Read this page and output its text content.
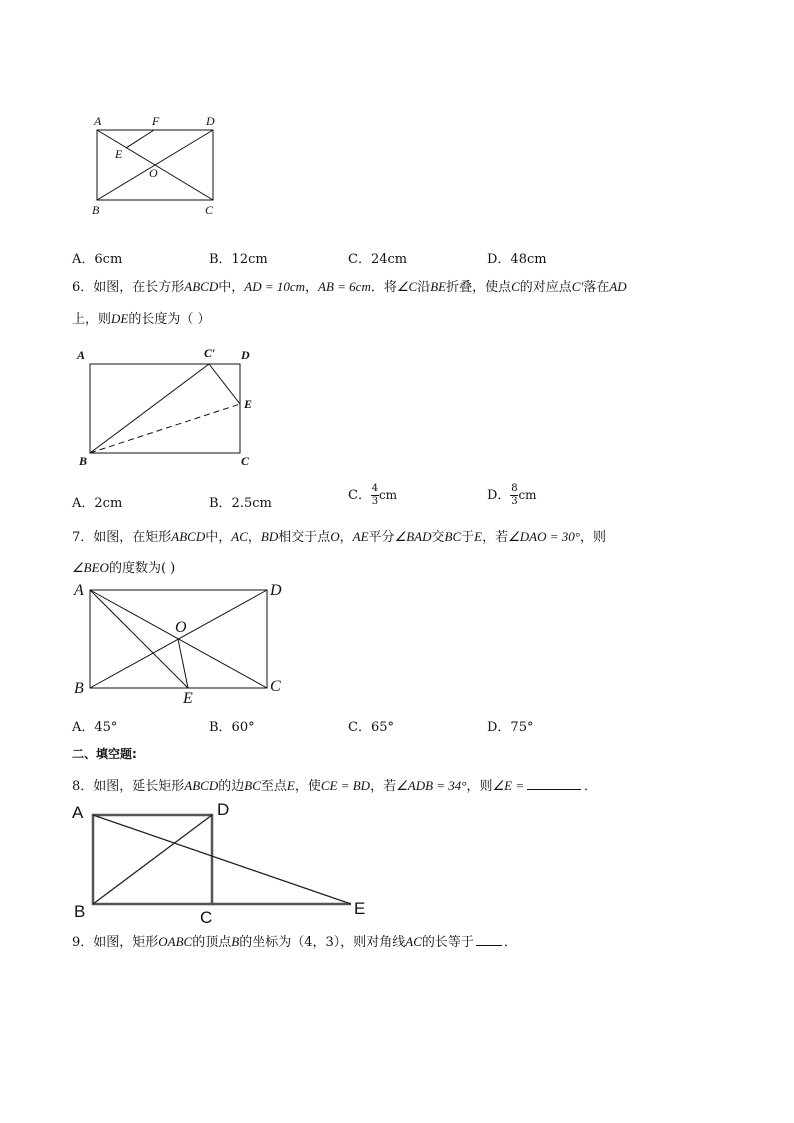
A	F	D
E
O
B	C
A．6cm	B．12cm	C．24cm	D．48cm
6．如图，在长方形ABCD中，AD = 10cm，AB = 6cm．将∠C沿BE折叠，使点C的对应点C′落在AD
上，则DE的长度为（ ）
A	C′ D
E
B	C
A．2cm	B．2.5cm
C． $\frac{4}{3}$ cm	D． $\frac{8}{3}$ cm
7．如图，在矩形ABCD中，AC，BD相交于点O，AE平分∠BAD交BC于E，若∠DAO = 30°，则
∠BEO的度数为( )
A	D
O
B
E
C
A．45°	B．60°	C．65°	D．75°
二、填空题:
8．如图，延长矩形ABCD的边BC至点E，使CE = BD，若∠ADB = 34°，则∠E =	．
A	D
B	C	E
9．如图，矩形OABC的顶点B的坐标为（4，3），则对角线AC的长等于 ．
